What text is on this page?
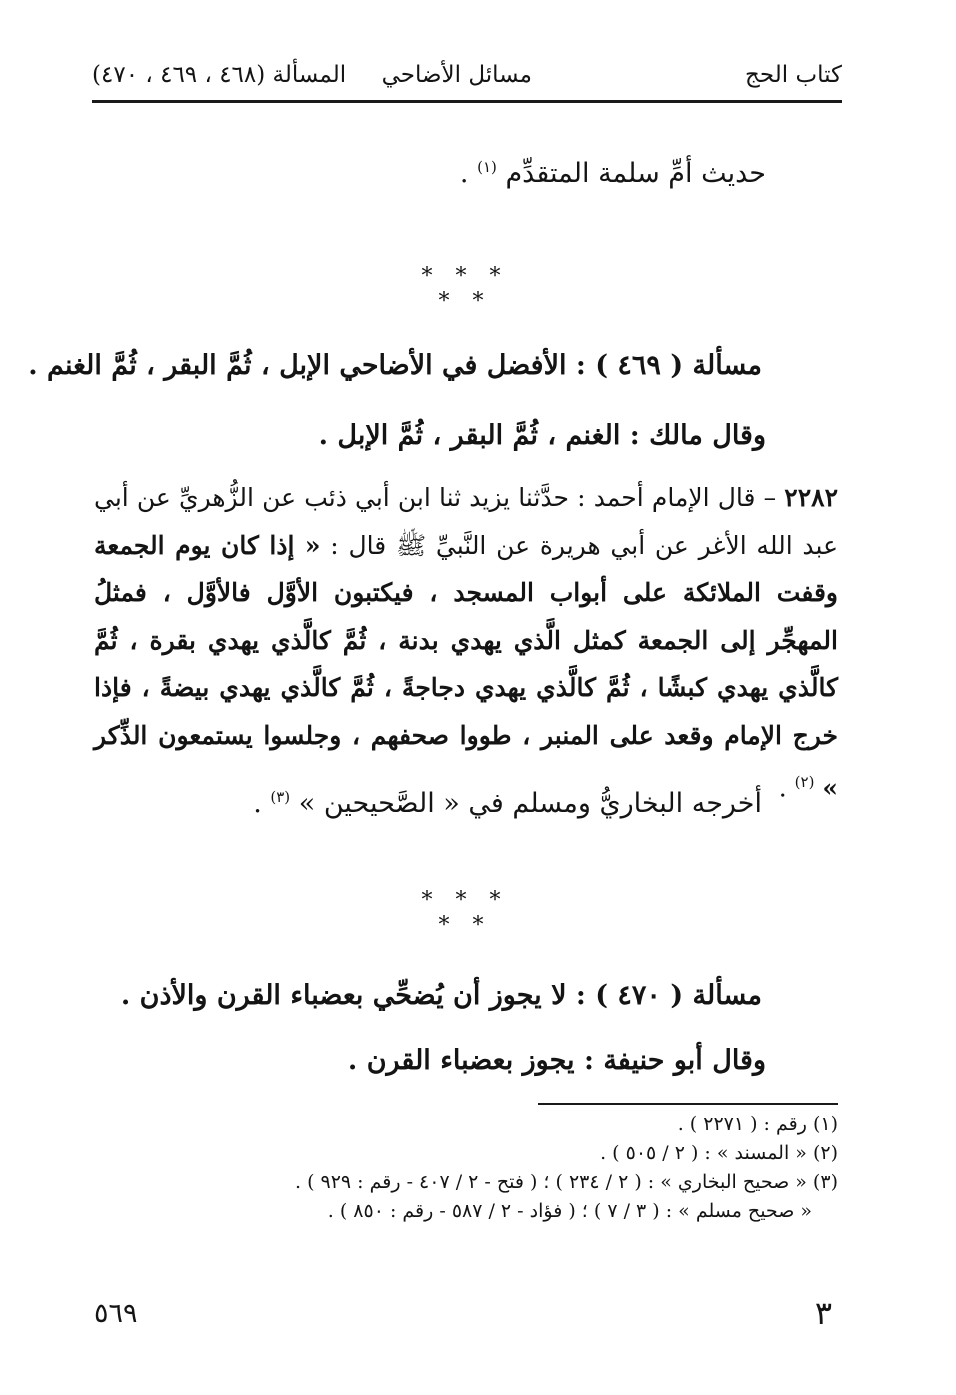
كتاب الحج
مسائل الأضاحي
المسألة (٤٦٨ ، ٤٦٩ ، ٤٧٠)
حديث أمِّ سلمة المتقدِّم $^{(١)}$ .
* * * * *
مسألة ( ٤٦٩ ) : الأفضل في الأضاحي الإبل ، ثُمَّ البقر ، ثُمَّ الغنم .
وقال مالك : الغنم ، ثُمَّ البقر ، ثُمَّ الإبل .
٢٢٨٢ – قال الإمام أحمد : حدَّثنا يزيد ثنا ابن أبي ذئب عن الزُّهريِّ عن أبي عبد الله الأغر عن أبي هريرة عن النَّبيِّ ﷺ قال : « إذا كان يوم الجمعة وقفت الملائكة على أبواب المسجد ، فيكتبون الأوَّل فالأوَّل ، فمثلُ المهجِّر إلى الجمعة كمثل الَّذي يهدي بدنة ، ثُمَّ كالَّذي يهدي بقرة ، ثُمَّ كالَّذي يهدي كبشًا ، ثُمَّ كالَّذي يهدي دجاجةً ، ثُمَّ كالَّذي يهدي بيضةً ، فإذا خرج الإمام وقعد على المنبر ، طووا صحفهم ، وجلسوا يستمعون الذِّكر » $^{(٢)}$ .
أخرجه البخاريُّ ومسلم في « الصَّحيحين » $^{(٣)}$ .
* * * * *
مسألة ( ٤٧٠ ) : لا يجوز أن يُضحِّي بعضباء القرن والأذن .
وقال أبو حنيفة : يجوز بعضباء القرن .
(١) رقم : ( ٢٢٧١ ) .
(٢) « المسند » : ( ٢ / ٥٠٥ ) .
(٣) « صحيح البخاري » : ( ٢ / ٢٣٤ ) ؛ ( فتح - ٢ / ٤٠٧ - رقم : ٩٢٩ ) .
« صحيح مسلم » : ( ٣ / ٧ ) ؛ ( فؤاد - ٢ / ٥٨٧ - رقم : ٨٥٠ ) .
٥٦٩	٣
